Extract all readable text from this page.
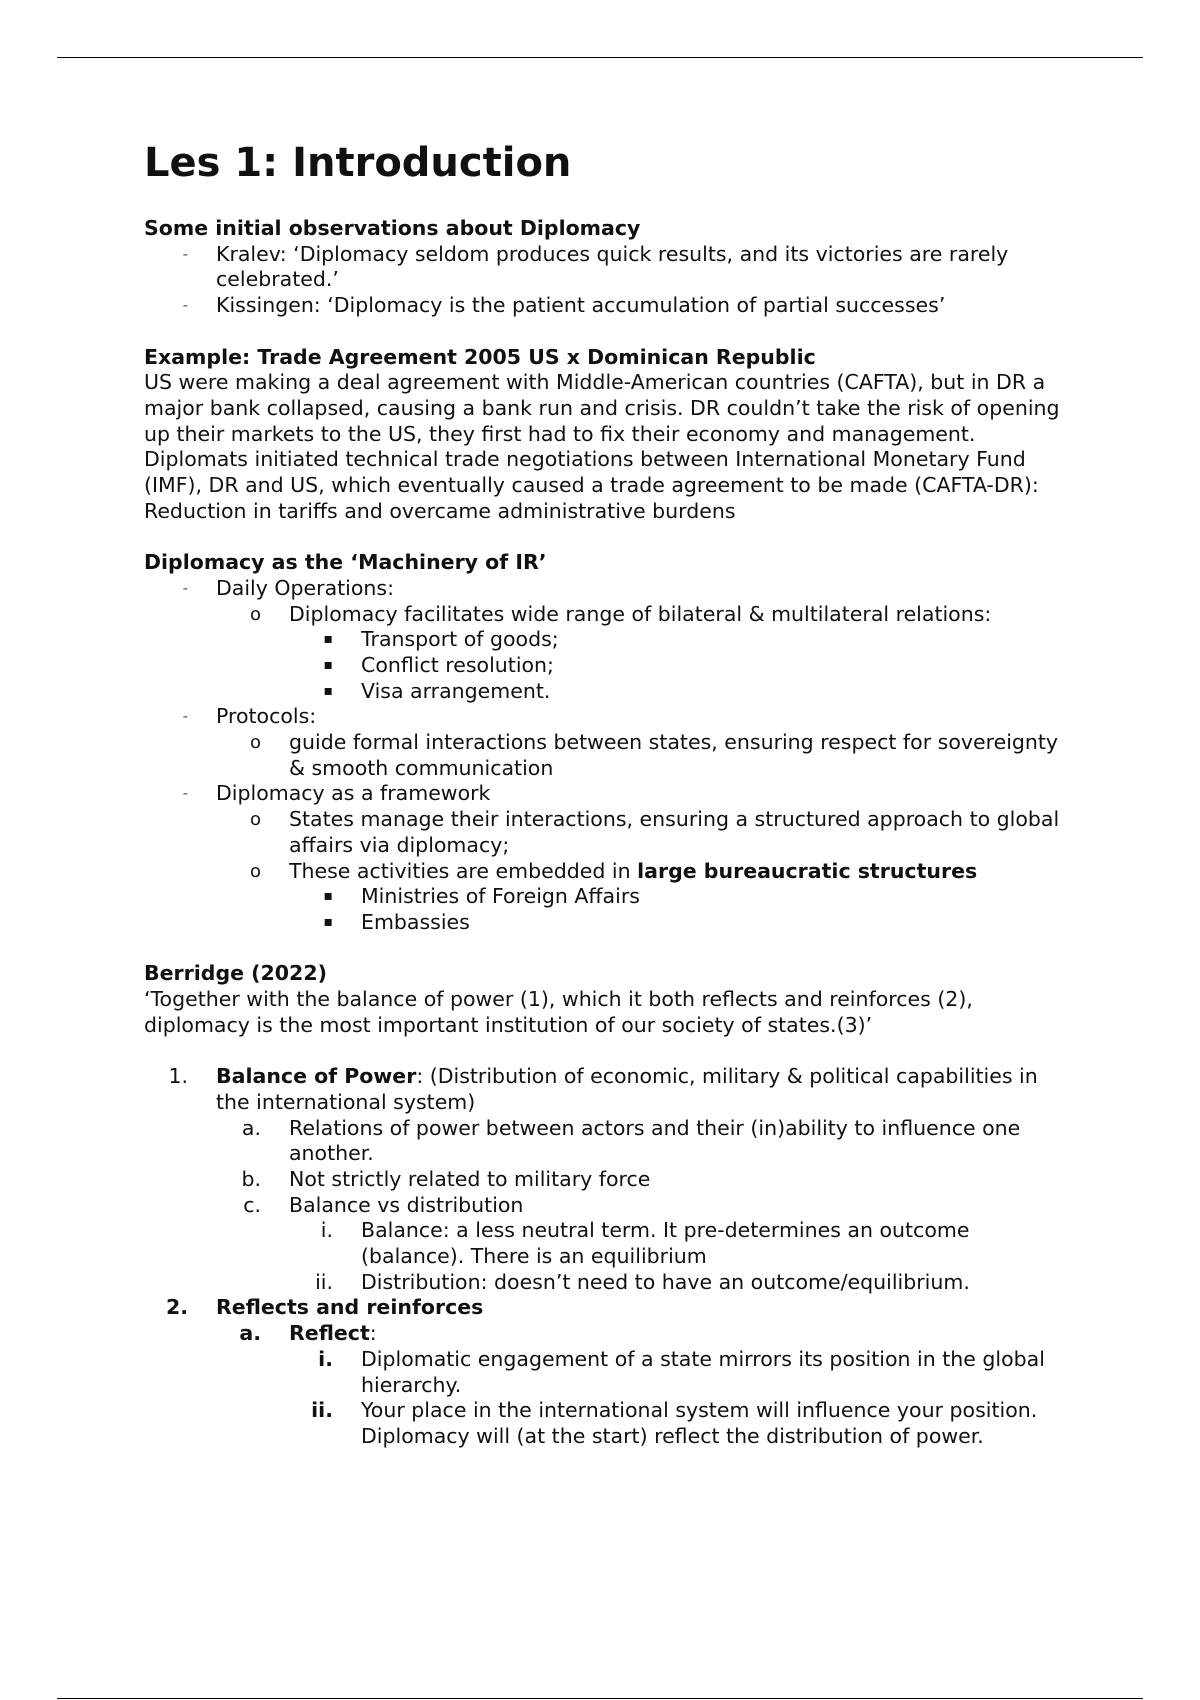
Les 1: Introduction
Some initial observations about Diplomacy
- Kralev: ‘Diplomacy seldom produces quick results, and its victories are rarely celebrated.’
- Kissingen: ‘Diplomacy is the patient accumulation of partial successes’
Example: Trade Agreement 2005 US x Dominican Republic

US were making a deal agreement with Middle-American countries (CAFTA), but in DR a major bank collapsed, causing a bank run and crisis. DR couldn’t take the risk of opening up their markets to the US, they first had to fix their economy and management.

Diplomats initiated technical trade negotiations between International Monetary Fund (IMF), DR and US, which eventually caused a trade agreement to be made (CAFTA-DR): Reduction in tariffs and overcame administrative burdens

Diplomacy as the ‘Machinery of IR’
- Daily Operations:
o Diplomacy facilitates wide range of bilateral & multilateral relations:
▪ Transport of goods;
▪ Conflict resolution;
▪ Visa arrangement.
- Protocols:
o guide formal interactions between states, ensuring respect for sovereignty & smooth communication
- Diplomacy as a framework
o States manage their interactions, ensuring a structured approach to global affairs via diplomacy;
o These activities are embedded in large bureaucratic structures
▪ Ministries of Foreign Affairs
▪ Embassies
Berridge (2022)

‘Together with the balance of power (1), which it both reflects and reinforces (2), diplomacy is the most important institution of our society of states.(3)’

1. Balance of Power: (Distribution of economic, military & political capabilities in the international system)
a. Relations of power between actors and their (in)ability to influence one another.
b. Not strictly related to military force
c. Balance vs distribution
i. Balance: a less neutral term. It pre-determines an outcome (balance). There is an equilibrium
ii. Distribution: doesn’t need to have an outcome/equilibrium.
2. Reflects and reinforces
a. Reflect:
i. Diplomatic engagement of a state mirrors its position in the global hierarchy.
ii. Your place in the international system will influence your position. Diplomacy will (at the start) reflect the distribution of power.
